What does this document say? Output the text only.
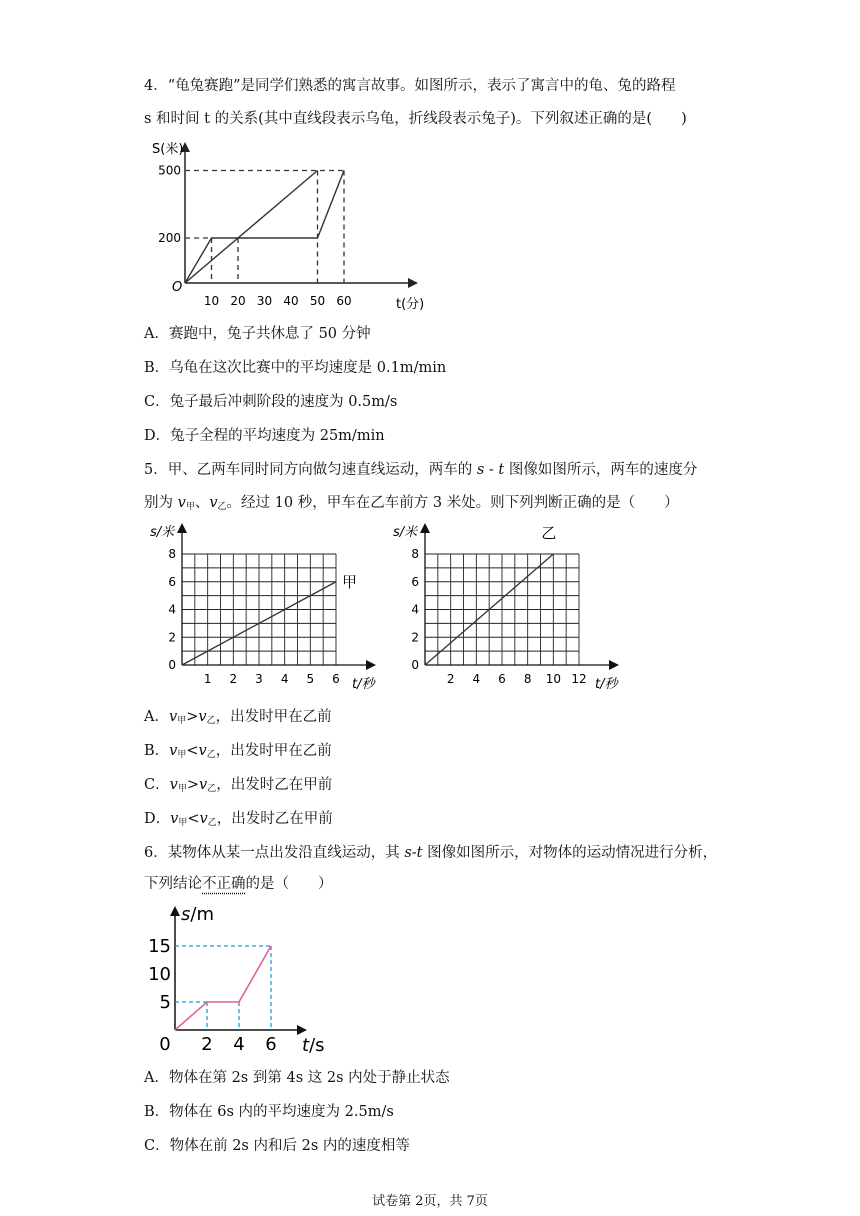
4．“龟兔赛跑”是同学们熟悉的寓言故事。如图所示，表示了寓言中的龟、兔的路程
s 和时间 t 的关系(其中直线段表示乌龟，折线段表示兔子)。下列叙述正确的是(　　)
S(米)
t(分)
O
10 20 30 40 50 60
200
500
A．赛跑中，兔子共休息了 50 分钟
B．乌龟在这次比赛中的平均速度是 0.1m/min
C．兔子最后冲刺阶段的速度为 0.5m/s
D．兔子全程的平均速度为 25m/min
5．甲、乙两车同时同方向做匀速直线运动，两车的 s - t 图像如图所示，两车的速度分
别为 $v_甲$、$v_乙$。经过 10 秒，甲车在乙车前方 3 米处。则下列判断正确的是（　　）
s/米
t/秒
0
2
4
6
8
1 2 3 4 5 6
甲
s/米
t/秒
0
2
4
6
8
2 4 6 8 10 12
乙
A．$v_甲>v_乙$，出发时甲在乙前
B．$v_甲<v_乙$，出发时甲在乙前
C．$v_甲>v_乙$，出发时乙在甲前
D．$v_甲<v_乙$，出发时乙在甲前
6．某物体从某一点出发沿直线运动，其 s-t 图像如图所示，对物体的运动情况进行分析，
下列结论不正确的是（　　）
s/m
t/s
0 2 4 6
5
10
15
A．物体在第 2s 到第 4s 这 2s 内处于静止状态
B．物体在 6s 内的平均速度为 2.5m/s
C．物体在前 2s 内和后 2s 内的速度相等
试卷第 2页，共 7页
